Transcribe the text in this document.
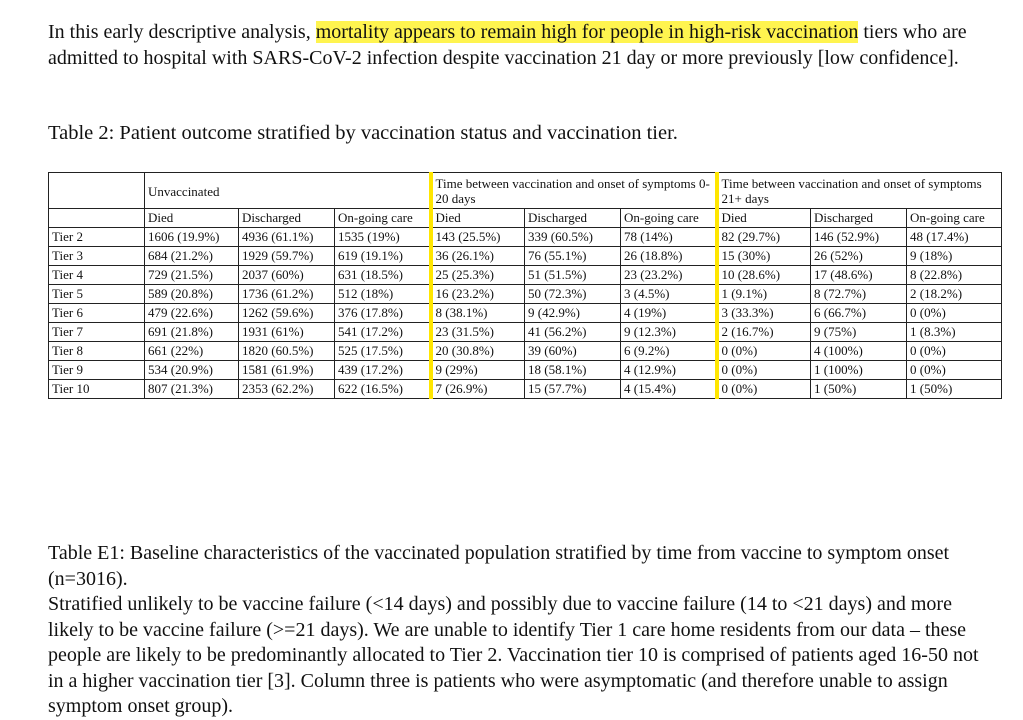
In this early descriptive analysis, mortality appears to remain high for people in high-risk vaccination tiers who are admitted to hospital with SARS-CoV-2 infection despite vaccination 21 day or more previously [low confidence].

Table 2: Patient outcome stratified by vaccination status and vaccination tier.

	Unvaccinated			Time between vaccination and onset of symptoms 0-20 days			Time between vaccination and onset of symptoms 21+ days		
	Died	Discharged	On-going care	Died	Discharged	On-going care	Died	Discharged	On-going care
Tier 2	1606 (19.9%)	4936 (61.1%)	1535 (19%)	143 (25.5%)	339 (60.5%)	78 (14%)	82 (29.7%)	146 (52.9%)	48 (17.4%)
Tier 3	684 (21.2%)	1929 (59.7%)	619 (19.1%)	36 (26.1%)	76 (55.1%)	26 (18.8%)	15 (30%)	26 (52%)	9 (18%)
Tier 4	729 (21.5%)	2037 (60%)	631 (18.5%)	25 (25.3%)	51 (51.5%)	23 (23.2%)	10 (28.6%)	17 (48.6%)	8 (22.8%)
Tier 5	589 (20.8%)	1736 (61.2%)	512 (18%)	16 (23.2%)	50 (72.3%)	3 (4.5%)	1 (9.1%)	8 (72.7%)	2 (18.2%)
Tier 6	479 (22.6%)	1262 (59.6%)	376 (17.8%)	8 (38.1%)	9 (42.9%)	4 (19%)	3 (33.3%)	6 (66.7%)	0 (0%)
Tier 7	691 (21.8%)	1931 (61%)	541 (17.2%)	23 (31.5%)	41 (56.2%)	9 (12.3%)	2 (16.7%)	9 (75%)	1 (8.3%)
Tier 8	661 (22%)	1820 (60.5%)	525 (17.5%)	20 (30.8%)	39 (60%)	6 (9.2%)	0 (0%)	4 (100%)	0 (0%)
Tier 9	534 (20.9%)	1581 (61.9%)	439 (17.2%)	9 (29%)	18 (58.1%)	4 (12.9%)	0 (0%)	1 (100%)	0 (0%)
Tier 10	807 (21.3%)	2353 (62.2%)	622 (16.5%)	7 (26.9%)	15 (57.7%)	4 (15.4%)	0 (0%)	1 (50%)	1 (50%)

Table E1: Baseline characteristics of the vaccinated population stratified by time from vaccine to symptom onset (n=3016).

Stratified unlikely to be vaccine failure (<14 days) and possibly due to vaccine failure (14 to <21 days) and more likely to be vaccine failure (>=21 days). We are unable to identify Tier 1 care home residents from our data – these people are likely to be predominantly allocated to Tier 2. Vaccination tier 10 is comprised of patients aged 16-50 not in a higher vaccination tier [3]. Column three is patients who were asymptomatic (and therefore unable to assign symptom onset group).
